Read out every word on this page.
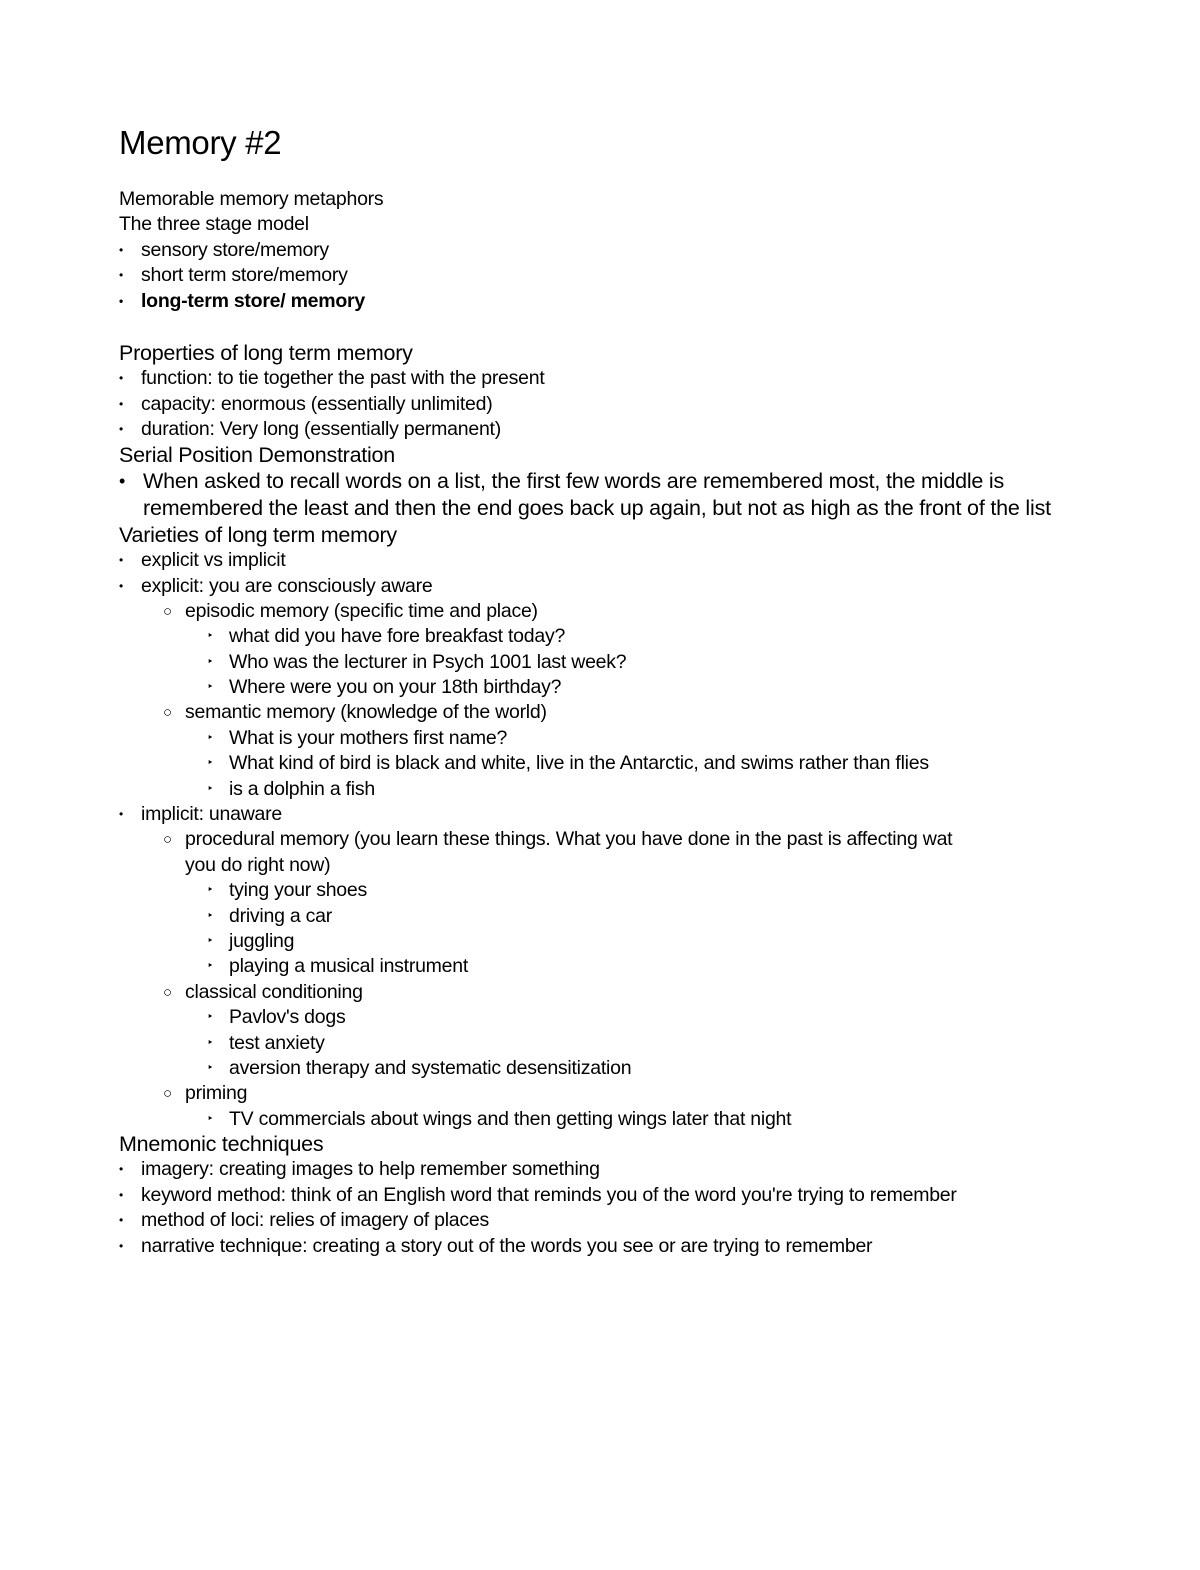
Memory #2
Memorable memory metaphors
The three stage model
• sensory store/memory
• short term store/memory
• long-term store/ memory
Properties of long term memory
• function: to tie together the past with the present
• capacity: enormous (essentially unlimited)
• duration: Very long (essentially permanent)
Serial Position Demonstration
• When asked to recall words on a list, the first few words are remembered most, the middle is remembered the least and then the end goes back up again, but not as high as the front of the list
Varieties of long term memory
• explicit vs implicit
• explicit: you are consciously aware
○ episodic memory (specific time and place)
‣ what did you have fore breakfast today?
‣ Who was the lecturer in Psych 1001 last week?
‣ Where were you on your 18th birthday?
○ semantic memory (knowledge of the world)
‣ What is your mothers first name?
‣ What kind of bird is black and white, live in the Antarctic, and swims rather than flies
‣ is a dolphin a fish
• implicit: unaware
○ procedural memory (you learn these things. What you have done in the past is affecting wat
you do right now)
‣ tying your shoes
‣ driving a car
‣ juggling
‣ playing a musical instrument
○ classical conditioning
‣ Pavlov's dogs
‣ test anxiety
‣ aversion therapy and systematic desensitization
○ priming
‣ TV commercials about wings and then getting wings later that night
Mnemonic techniques
• imagery: creating images to help remember something
• keyword method: think of an English word that reminds you of the word you're trying to remember
• method of loci: relies of imagery of places
• narrative technique: creating a story out of the words you see or are trying to remember
